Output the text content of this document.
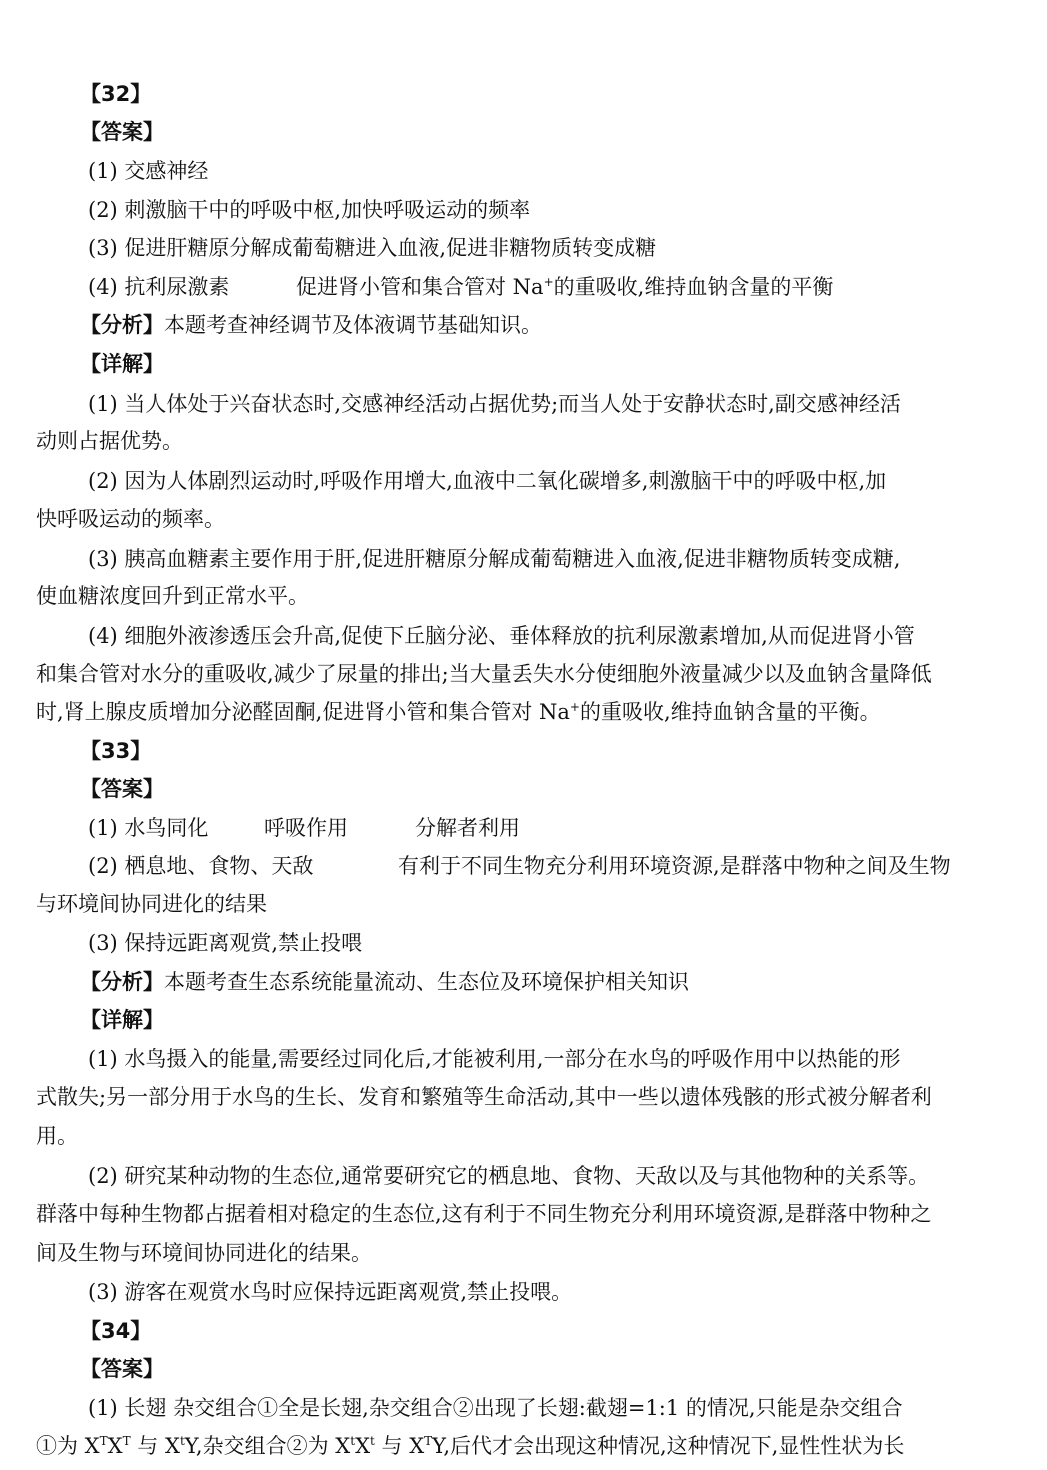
【32】
【答案】
(1) 交感神经
(2) 刺激脑干中的呼吸中枢,加快呼吸运动的频率
(3) 促进肝糖原分解成葡萄糖进入血液,促进非糖物质转变成糖
(4) 抗利尿激素	促进肾小管和集合管对 Na+的重吸收,维持血钠含量的平衡
【分析】本题考查神经调节及体液调节基础知识。
【详解】
(1) 当人体处于兴奋状态时,交感神经活动占据优势;而当人处于安静状态时,副交感神经活
动则占据优势。
(2) 因为人体剧烈运动时,呼吸作用增大,血液中二氧化碳增多,刺激脑干中的呼吸中枢,加
快呼吸运动的频率。
(3) 胰高血糖素主要作用于肝,促进肝糖原分解成葡萄糖进入血液,促进非糖物质转变成糖,
使血糖浓度回升到正常水平。
(4) 细胞外液渗透压会升高,促使下丘脑分泌、垂体释放的抗利尿激素增加,从而促进肾小管
和集合管对水分的重吸收,减少了尿量的排出;当大量丢失水分使细胞外液量减少以及血钠含量降低
时,肾上腺皮质增加分泌醛固酮,促进肾小管和集合管对 Na+的重吸收,维持血钠含量的平衡。
【33】
【答案】
(1) 水鸟同化	呼吸作用	分解者利用
(2) 栖息地、食物、天敌	有利于不同生物充分利用环境资源,是群落中物种之间及生物
与环境间协同进化的结果
(3) 保持远距离观赏,禁止投喂
【分析】本题考查生态系统能量流动、生态位及环境保护相关知识
【详解】
(1) 水鸟摄入的能量,需要经过同化后,才能被利用,一部分在水鸟的呼吸作用中以热能的形
式散失;另一部分用于水鸟的生长、发育和繁殖等生命活动,其中一些以遗体残骸的形式被分解者利
用。
(2) 研究某种动物的生态位,通常要研究它的栖息地、食物、天敌以及与其他物种的关系等。
群落中每种生物都占据着相对稳定的生态位,这有利于不同生物充分利用环境资源,是群落中物种之
间及生物与环境间协同进化的结果。
(3) 游客在观赏水鸟时应保持远距离观赏,禁止投喂。
【34】
【答案】
(1) 长翅 杂交组合①全是长翅,杂交组合②出现了长翅:截翅=1:1 的情况,只能是杂交组合
①为 $X^TX^T$ 与 $X^tY$,杂交组合②为 $X^tX^t$ 与 $X^TY$,后代才会出现这种情况,这种情况下,显性性状为长
